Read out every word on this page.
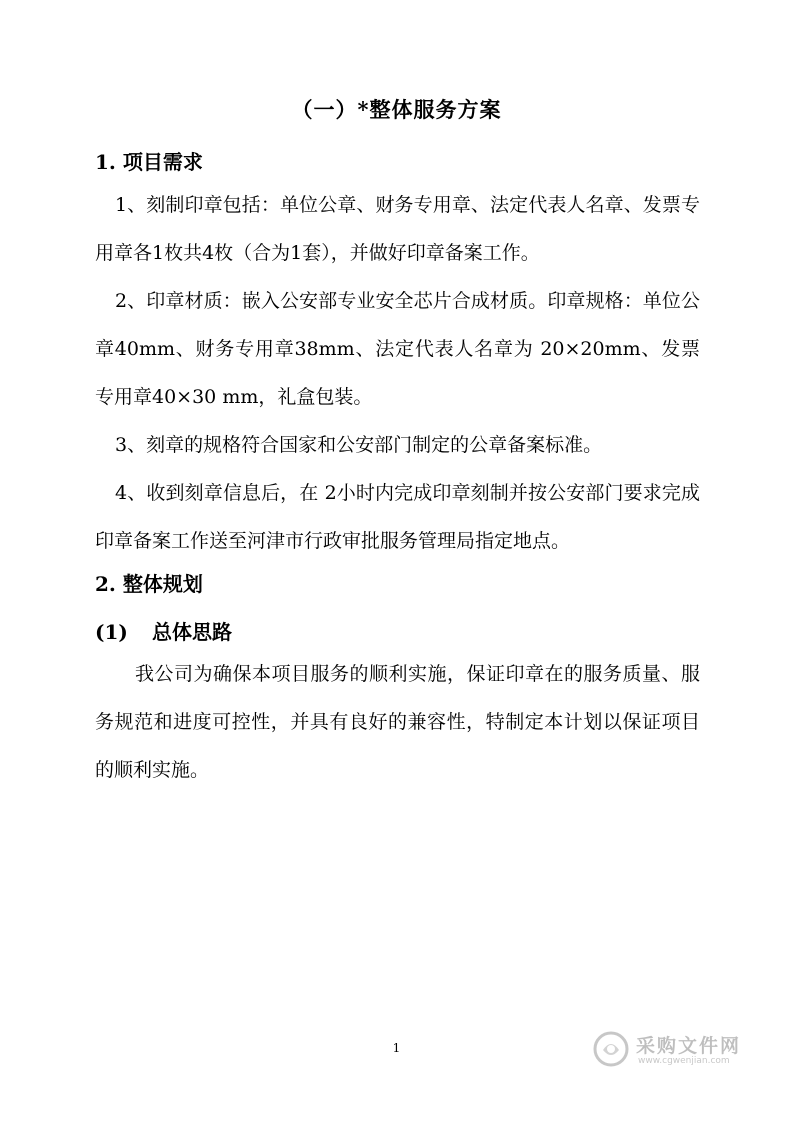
（一）*整体服务方案
1. 项目需求
1、刻制印章包括：单位公章、财务专用章、法定代表人名章、发票专用章各1枚共4枚（合为1套），并做好印章备案工作。
2、印章材质：嵌入公安部专业安全芯片合成材质。印章规格：单位公章40mm、财务专用章38mm、法定代表人名章为 20×20mm、发票专用章40×30 mm，礼盒包装。
3、刻章的规格符合国家和公安部门制定的公章备案标准。
4、收到刻章信息后，在 2小时内完成印章刻制并按公安部门要求完成印章备案工作送至河津市行政审批服务管理局指定地点。
2. 整体规划
(1) 总体思路
我公司为确保本项目服务的顺利实施，保证印章在的服务质量、服务规范和进度可控性，并具有良好的兼容性，特制定本计划以保证项目的顺利实施。
1	采购文件网
www.cgwenjian.com
